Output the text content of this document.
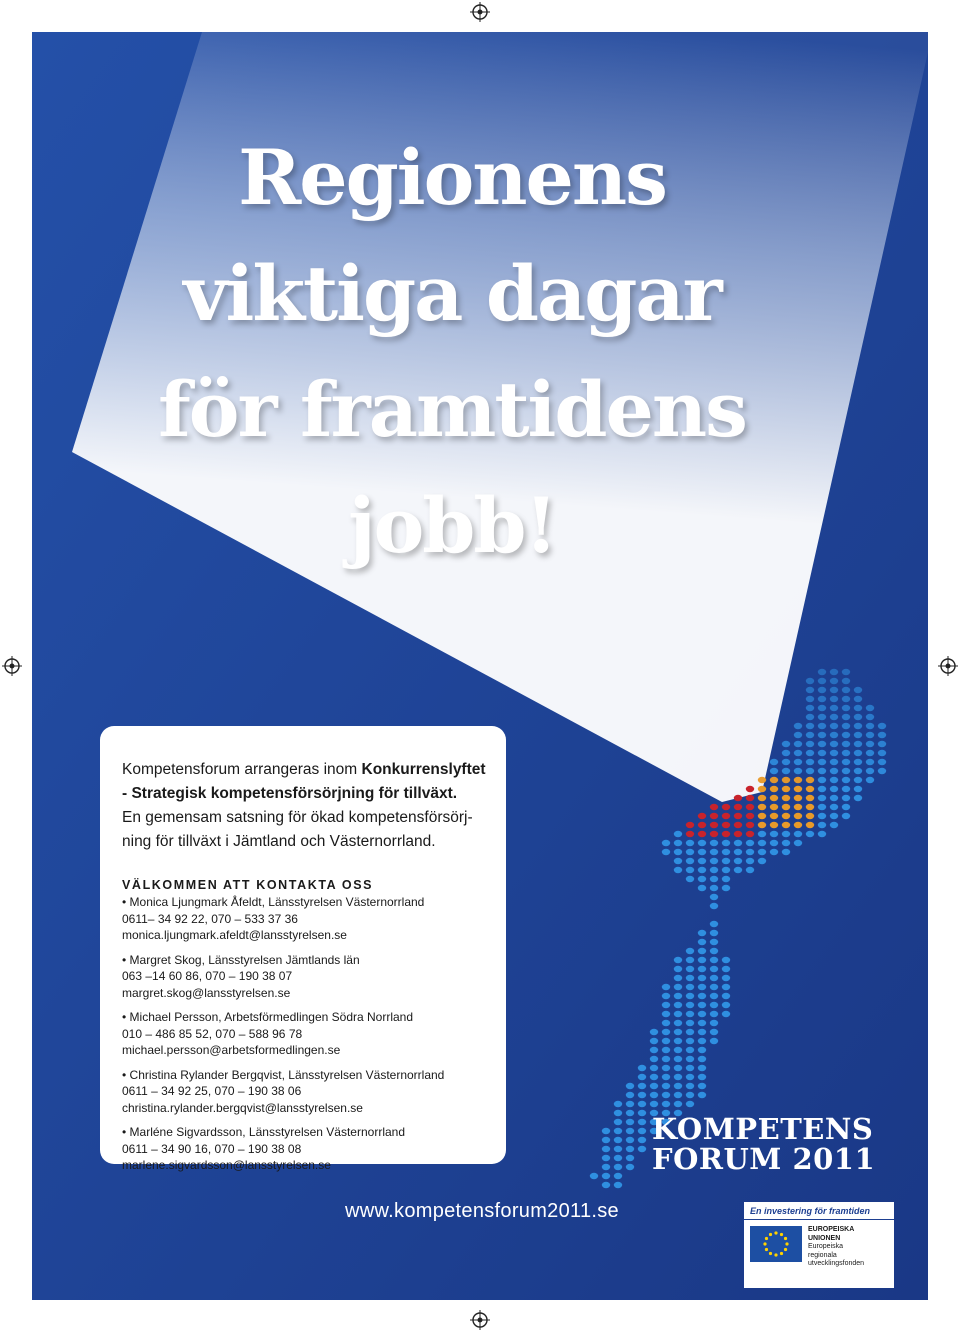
Regionens
viktiga dagar
för framtidens
jobb!

Kompetensforum arrangeras inom Konkurrenslyftet
- Strategisk kompetensförsörjning för tillväxt.
En gemensam satsning för ökad kompetensförsörj-
ning för tillväxt i Jämtland och Västernorrland.

VÄLKOMMEN ATT KONTAKTA OSS

• Monica Ljungmark Åfeldt, Länsstyrelsen Västernorrland
0611– 34 92 22, 070 – 533 37 36
monica.ljungmark.afeldt@lansstyrelsen.se
• Margret Skog, Länsstyrelsen Jämtlands län
063 –14 60 86, 070 – 190 38 07
margret.skog@lansstyrelsen.se
• Michael Persson, Arbetsförmedlingen Södra Norrland
010 – 486 85 52, 070 – 588 96 78
michael.persson@arbetsformedlingen.se
• Christina Rylander Bergqvist, Länsstyrelsen Västernorrland
0611 – 34 92 25, 070 – 190 38 06
christina.rylander.bergqvist@lansstyrelsen.se
• Marléne Sigvardsson, Länsstyrelsen Västernorrland
0611 – 34 90 16, 070 – 190 38 08
marlene.sigvardsson@lansstyrelsen.se
KOMPETENS
FORUM 2011
www.kompetensforum2011.se	En investering för framtiden
EUROPEISKA
UNIONEN
Europeiska
regionala
utvecklingsfonden
